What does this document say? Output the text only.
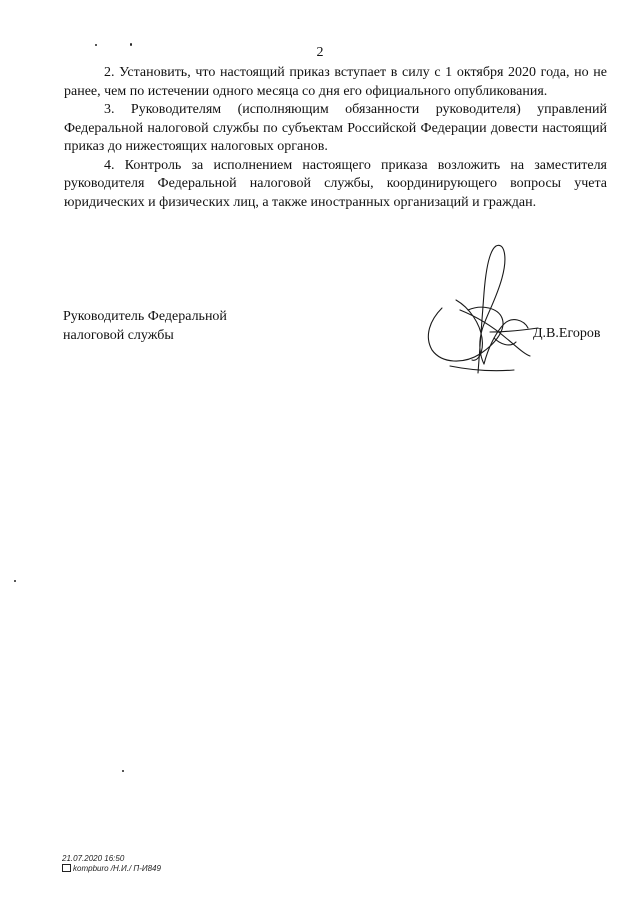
2

2. Установить, что настоящий приказ вступает в силу с 1 октября 2020 года, но не ранее, чем по истечении одного месяца со дня его официального опубликования.

3. Руководителям (исполняющим обязанности руководителя) управлений Федеральной налоговой службы по субъектам Российской Федерации довести настоящий приказ до нижестоящих налоговых органов.

4. Контроль за исполнением настоящего приказа возложить на заместителя руководителя Федеральной налоговой службы, координирующего вопросы учета юридических и физических лиц, а также иностранных организаций и граждан.

Руководитель Федеральной
налоговой службы	Д.В.Егоров
21.07.2020 16:50
kompburo /Н.И./ П-И849
